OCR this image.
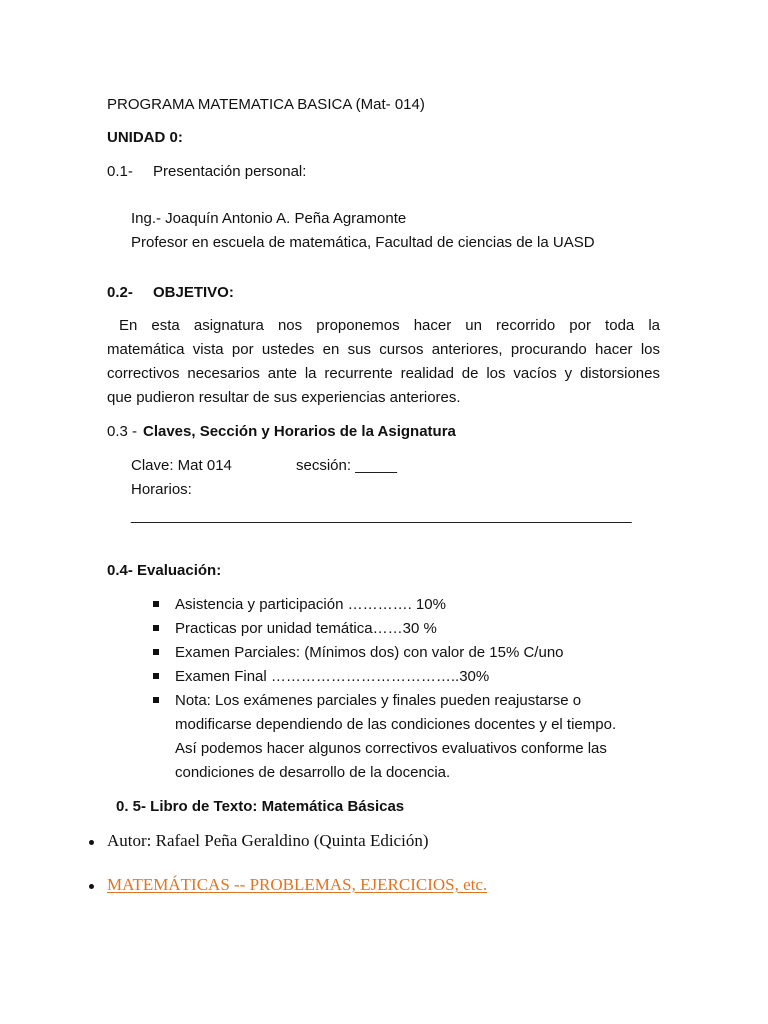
PROGRAMA MATEMATICA BASICA (Mat- 014)
UNIDAD 0:
0.1- Presentación personal:
Ing.- Joaquín Antonio A. Peña Agramonte
Profesor en escuela de matemática, Facultad de ciencias de la UASD
0.2- OBJETIVO:
En esta asignatura nos proponemos hacer un recorrido por toda la
matemática vista por ustedes en sus cursos anteriores, procurando hacer los
correctivos necesarios ante la recurrente realidad de los vacíos y distorsiones
que pudieron resultar de sus experiencias anteriores.
0.3 - Claves, Sección y Horarios de la Asignatura
Clave: Mat 014	secsión: _____
Horarios:
____________________________________________________________
0.4- Evaluación:
Asistencia y participación …………. 10%
Practicas por unidad temática……30 %
Examen Parciales: (Mínimos dos) con valor de 15% C/uno
Examen Final ………………………………..30%
Nota: Los exámenes parciales y finales pueden reajustarse o
modificarse dependiendo de las condiciones docentes y el tiempo.
Así podemos hacer algunos correctivos evaluativos conforme las
condiciones de desarrollo de la docencia.
0. 5- Libro de Texto: Matemática Básicas
Autor: Rafael Peña Geraldino (Quinta Edición)
MATEMÁTICAS -- PROBLEMAS, EJERCICIOS, etc.
